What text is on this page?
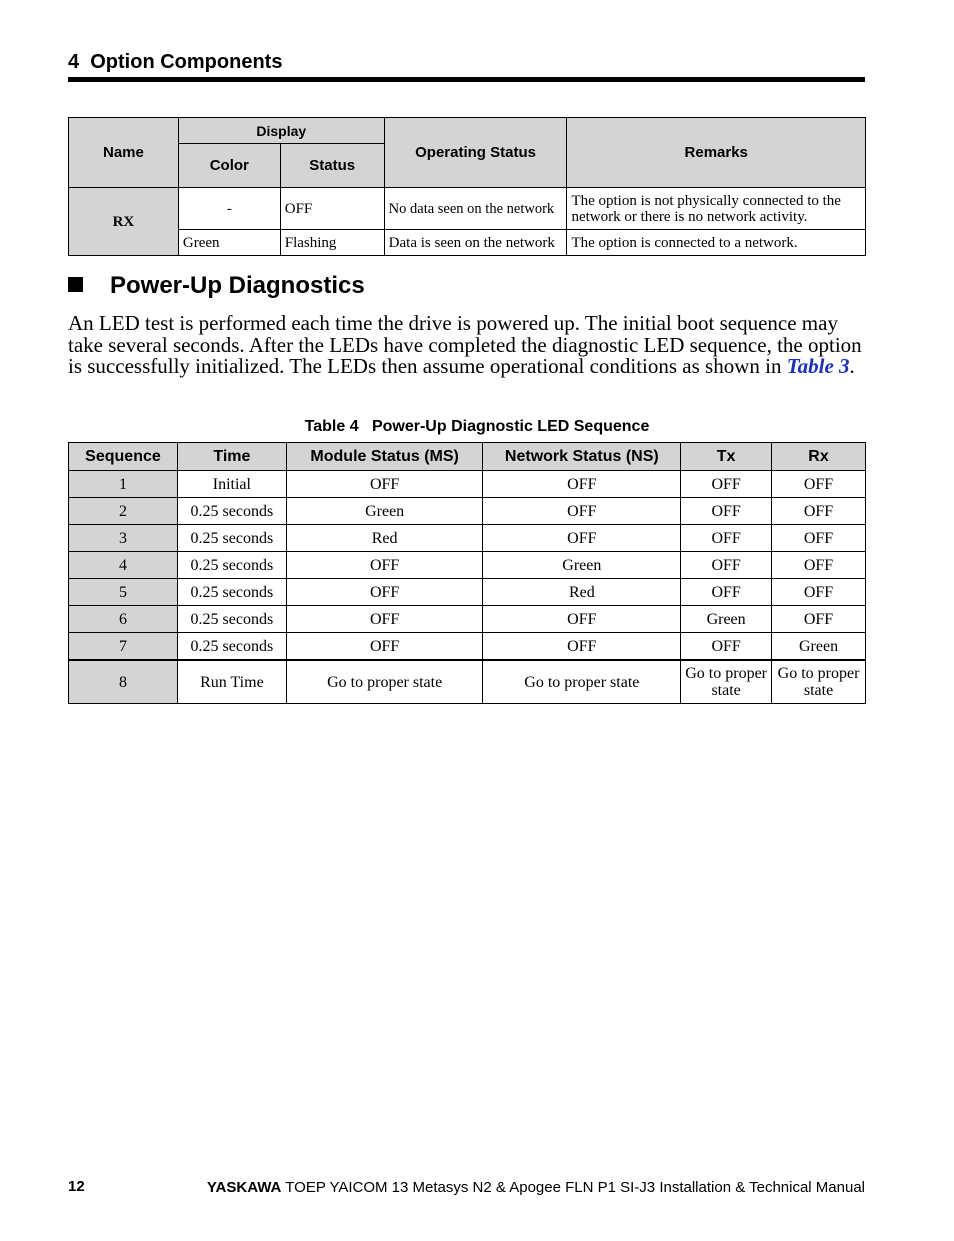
4 Option Components
Name	Display		Operating Status	Remarks
	Color	Status		
RX	-	OFF	No data seen on the network	The option is not physically connected to the network or there is no network activity.
	Green	Flashing	Data is seen on the network	The option is connected to a network.
Power-Up Diagnostics
An LED test is performed each time the drive is powered up. The initial boot sequence may take several seconds. After the LEDs have completed the diagnostic LED sequence, the option is successfully initialized. The LEDs then assume operational conditions as shown in Table 3.
Table 4 Power-Up Diagnostic LED Sequence
Sequence	Time	Module Status (MS)	Network Status (NS)	Tx	Rx
1	Initial	OFF	OFF	OFF	OFF
2	0.25 seconds	Green	OFF	OFF	OFF
3	0.25 seconds	Red	OFF	OFF	OFF
4	0.25 seconds	OFF	Green	OFF	OFF
5	0.25 seconds	OFF	Red	OFF	OFF
6	0.25 seconds	OFF	OFF	Green	OFF
7	0.25 seconds	OFF	OFF	OFF	Green
8	Run Time	Go to proper state	Go to proper state	Go to proper state	Go to proper state
12	YASKAWA TOEP YAICOM 13 Metasys N2 & Apogee FLN P1 SI-J3 Installation & Technical Manual
